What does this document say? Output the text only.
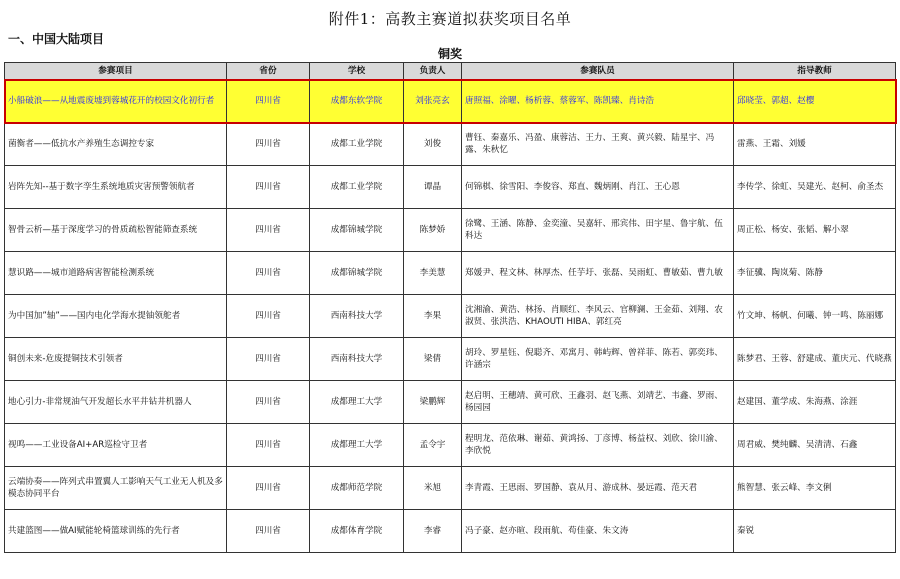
附件1：高教主赛道拟获奖项目名单
一、中国大陆项目
铜奖
参赛项目	省份	学校	负责人	参赛队员	指导教师
小船破浪——从地震废墟到蓉城花开的校园文化初行者	四川省	成都东软学院	刘张亮玄	唐照福、涂曜、杨析蓉、蔡蓉军、陈凯臻、肖诗浩	邱晓莹、郭超、赵樱
菌衡者——低抗水产养殖生态调控专家	四川省	成都工业学院	刘俊	曹钰、秦嘉乐、冯盈、康蓉洁、王力、王爽、黄兴毅、陆星宇、冯露、朱秋忆	雷燕、王霜、刘媛
岩阵先知--基于数字孪生系统地质灾害预警领航者	四川省	成都工业学院	谭晶	何锦棋、徐雪阳、李俊容、郑直、魏炳刚、肖江、王心恩	李传学、徐虹、吴建光、赵柯、俞圣杰
智骨云析—基于深度学习的骨质疏松智能筛查系统	四川省	成都锦城学院	陈梦娇	徐鹭、王涵、陈静、金奕潼、吴嘉轩、邢宾伟、田宇星、鲁宇航、伍科达	周正松、杨安、张韬、解小翠
慧识路——城市道路病害智能检测系统	四川省	成都锦城学院	李美慧	郑媛尹、程文林、林厚杰、任芋圩、张磊、吴雨虹、曹敏茹、曹九敏	李征骥、陶岚菊、陈静
为中国加”轴”——国内电化学海水提铀领舵者	四川省	西南科技大学	李果	沈湘渝、黄浩、林扬、肖顺红、李风云、官柳澜、王金茹、刘翔、农淑贤、张洪浩、KHAOUTI HIBA、郭红亮	竹文坤、杨帆、何曦、钟一鸣、陈丽娜
铜创未来-危废提铜技术引领者	四川省	西南科技大学	梁倩	胡玲、罗星钰、倪聪齐、邓寓月、韩屿辉、曾祥菲、陈若、郭奕玮、许涵宗	陈梦君、王蓉、舒建成、董庆元、代晓燕
地心引力-非常规油气开发超长水平井钻井机器人	四川省	成都理工大学	梁鹏辉	赵启明、王穗靖、黄可欣、王鑫羽、赵飞燕、刘靖艺、韦鑫、罗雨、杨园园	赵建国、董学成、朱海燕、涂涯
视鸣——工业设备AI+AR巡检守卫者	四川省	成都理工大学	孟令宇	程明龙、范依琳、谢茹、黄鸿扬、丁彦博、杨益权、刘欣、徐川渝、李欣悦	周君威、樊纯麟、吴清清、石鑫
云端协奏——阵列式串置翼人工影响天气工业无人机及多模态协同平台	四川省	成都师范学院	米旭	李青霞、王思雨、罗国静、袁从月、游成林、晏远霞、范天君	熊智慧、张云峰、李文俐
共建篮图——做AI赋能轮椅篮球训练的先行者	四川省	成都体育学院	李睿	冯子豪、赵亦暄、段雨航、苟佳豪、朱文涛	秦锐
